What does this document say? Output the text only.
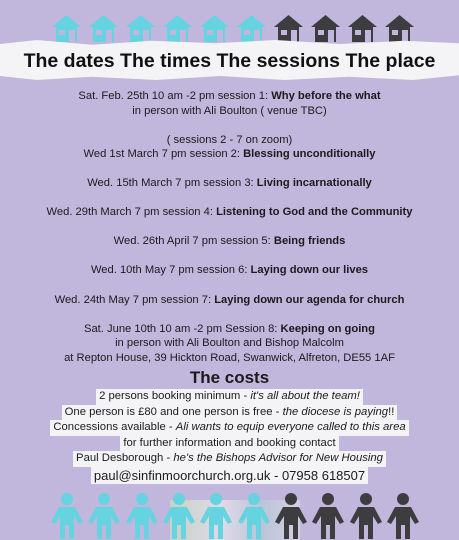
The dates The times The sessions The place
Sat. Feb. 25th 10 am -2 pm session 1: Why before the what
in person with Ali Boulton ( venue TBC)
( sessions 2 - 7 on zoom)
Wed 1st March 7 pm session 2: Blessing unconditionally
Wed. 15th March 7 pm session 3: Living incarnationally
Wed. 29th March 7 pm session 4: Listening to God and the Community
Wed. 26th April 7 pm session 5: Being friends
Wed. 10th May 7 pm session 6: Laying down our lives
Wed. 24th May 7 pm session 7: Laying down our agenda for church
Sat. June 10th 10 am -2 pm Session 8: Keeping on going
in person with Ali Boulton and Bishop Malcolm
at Repton House, 39 Hickton Road, Swanwick, Alfreton, DE55 1AF
The costs
2 persons booking minimum - it's all about the team!
One person is £80 and one person is free - the diocese is paying!!
Concessions available - Ali wants to equip everyone called to this area
for further information and booking contact
Paul Desborough - he's the Bishops Advisor for New Housing
paul@sinfinmoorchurch.org.uk - 07958 618507
